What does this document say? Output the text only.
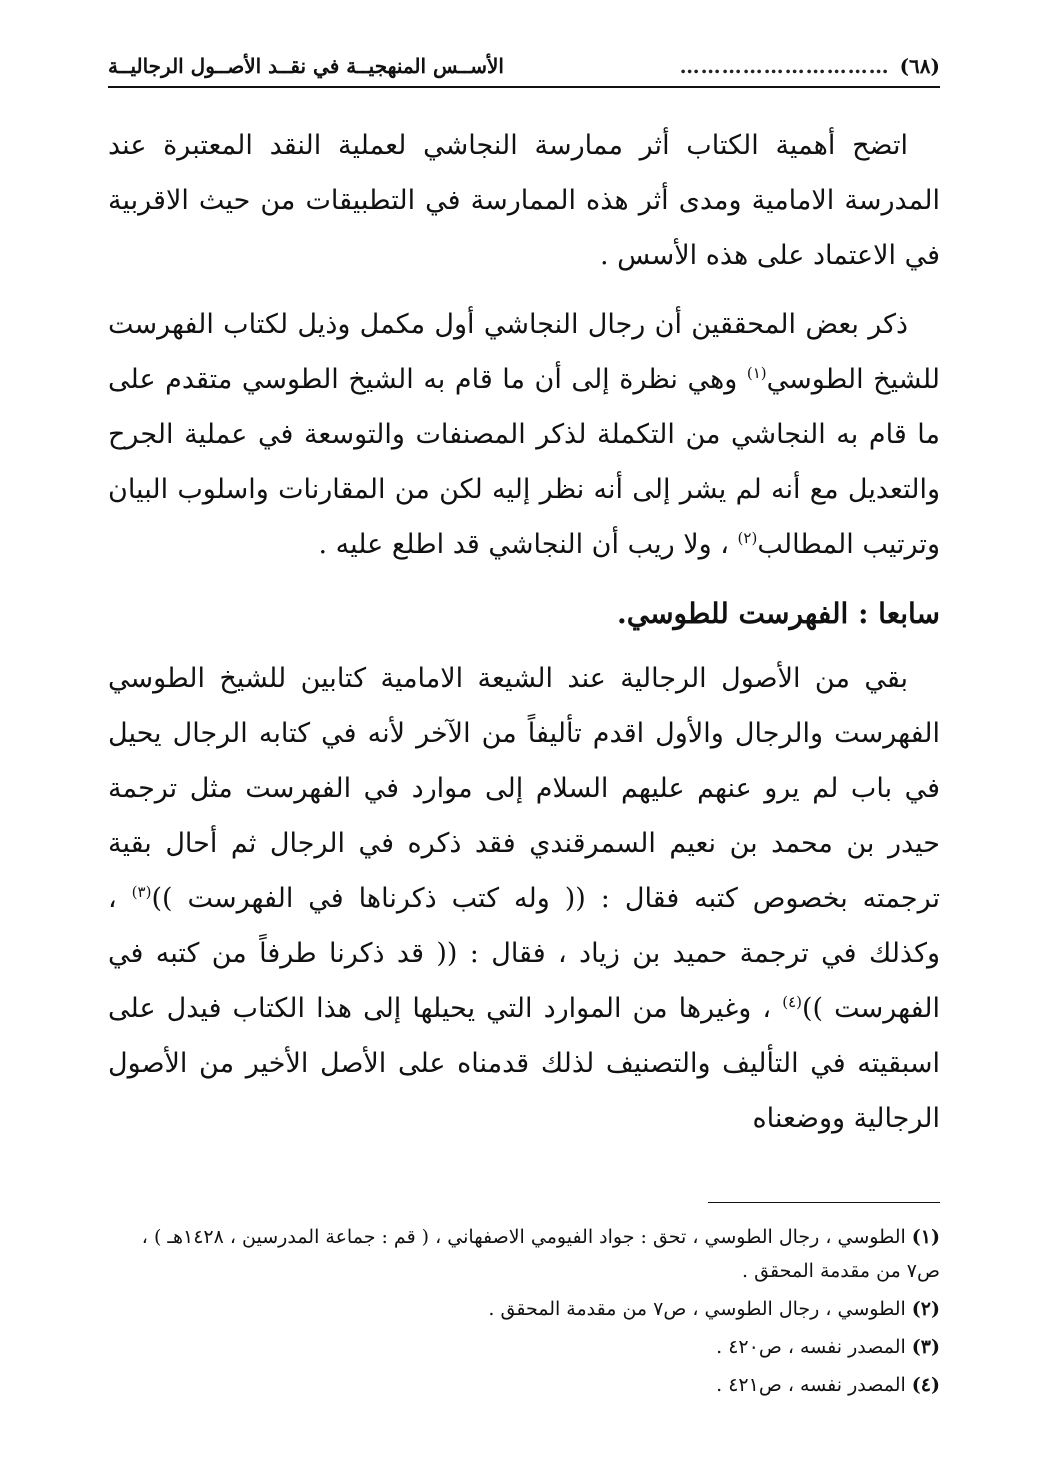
(٦٨)
…………………………
الأســس المنهجيــة في نقــد الأصــول الرجاليــة

اتضح أهمية الكتاب أثر ممارسة النجاشي لعملية النقد المعتبرة عند المدرسة الامامية ومدى أثر هذه الممارسة في التطبيقات من حيث الاقربية في الاعتماد على هذه الأسس .

ذكر بعض المحققين أن رجال النجاشي أول مكمل وذيل لكتاب الفهرست للشيخ الطوسي$^{(١)}$ وهي نظرة إلى أن ما قام به الشيخ الطوسي متقدم على ما قام به النجاشي من التكملة لذكر المصنفات والتوسعة في عملية الجرح والتعديل مع أنه لم يشر إلى أنه نظر إليه لكن من المقارنات واسلوب البيان وترتيب المطالب$^{(٢)}$ ، ولا ريب أن النجاشي قد اطلع عليه .

سابعا : الفهرست للطوسي.

بقي من الأصول الرجالية عند الشيعة الامامية كتابين للشيخ الطوسي الفهرست والرجال والأول اقدم تأليفاً من الآخر لأنه في كتابه الرجال يحيل في باب لم يرو عنهم عليهم السلام إلى موارد في الفهرست مثل ترجمة حيدر بن محمد بن نعيم السمرقندي فقد ذكره في الرجال ثم أحال بقية ترجمته بخصوص كتبه فقال : (( وله كتب ذكرناها في الفهرست ))$^{(٣)}$ ، وكذلك في ترجمة حميد بن زياد ، فقال : (( قد ذكرنا طرفاً من كتبه في الفهرست ))$^{(٤)}$ ، وغيرها من الموارد التي يحيلها إلى هذا الكتاب فيدل على اسبقيته في التأليف والتصنيف لذلك قدمناه على الأصل الأخير من الأصول الرجالية ووضعناه

(١)الطوسي ، رجال الطوسي ، تحق : جواد الفيومي الاصفهاني ، ( قم : جماعة المدرسين ، ١٤٢٨هـ ) ، ص٧ من مقدمة المحقق .
(٢)الطوسي ، رجال الطوسي ، ص٧ من مقدمة المحقق .
(٣)المصدر نفسه ، ص٤٢٠ .
(٤)المصدر نفسه ، ص٤٢١ .
